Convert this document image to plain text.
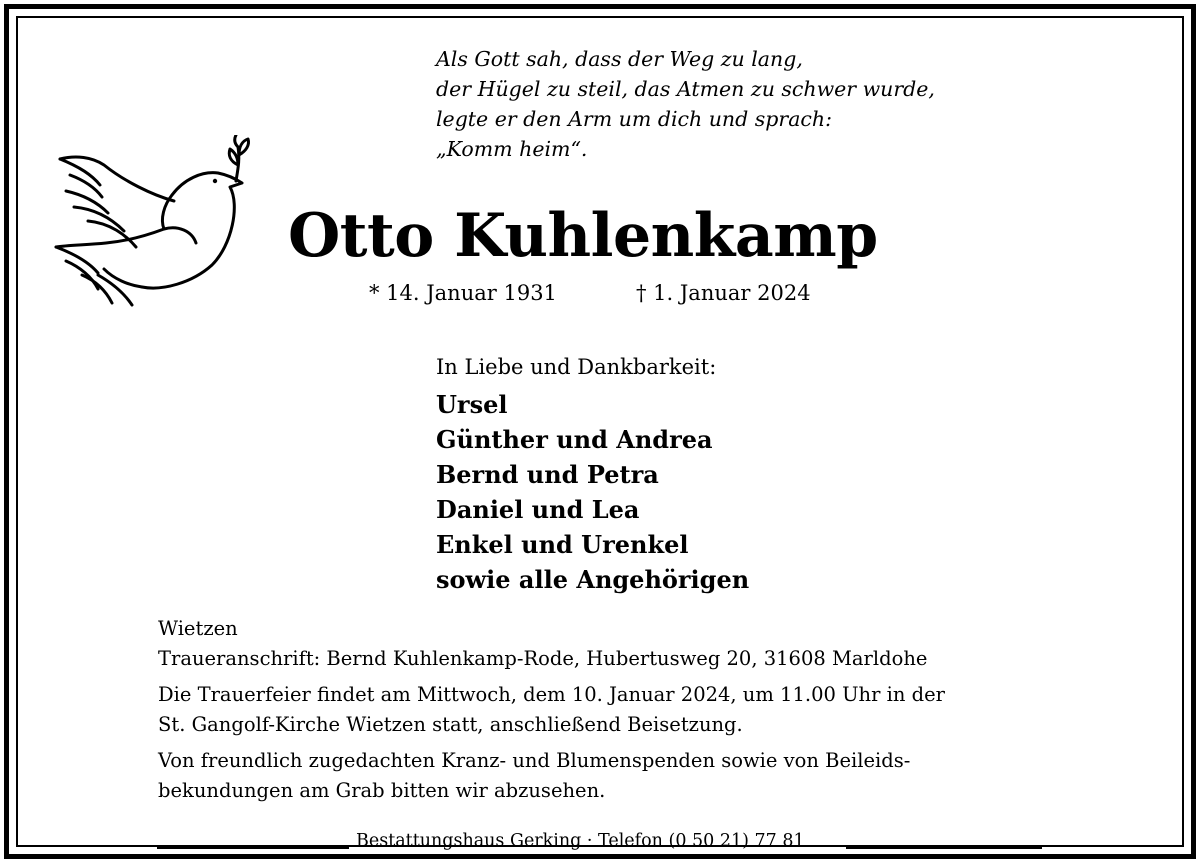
Als Gott sah, dass der Weg zu lang,
der Hügel zu steil, das Atmen zu schwer wurde,
legte er den Arm um dich und sprach:
„Komm heim“.
Otto Kuhlenkamp
* 14. Januar 1931	† 1. Januar 2024
In Liebe und Dankbarkeit:
Ursel
Günther und Andrea
Bernd und Petra
Daniel und Lea
Enkel und Urenkel
sowie alle Angehörigen
Wietzen
Traueranschrift: Bernd Kuhlenkamp-Rode, Hubertusweg 20, 31608 Marldohe
Die Trauerfeier findet am Mittwoch, dem 10. Januar 2024, um 11.00 Uhr in der
St. Gangolf-Kirche Wietzen statt, anschließend Beisetzung.
Von freundlich zugedachten Kranz- und Blumenspenden sowie von Beileids-
bekundungen am Grab bitten wir abzusehen.
Bestattungshaus Gerking · Telefon (0 50 21) 77 81
